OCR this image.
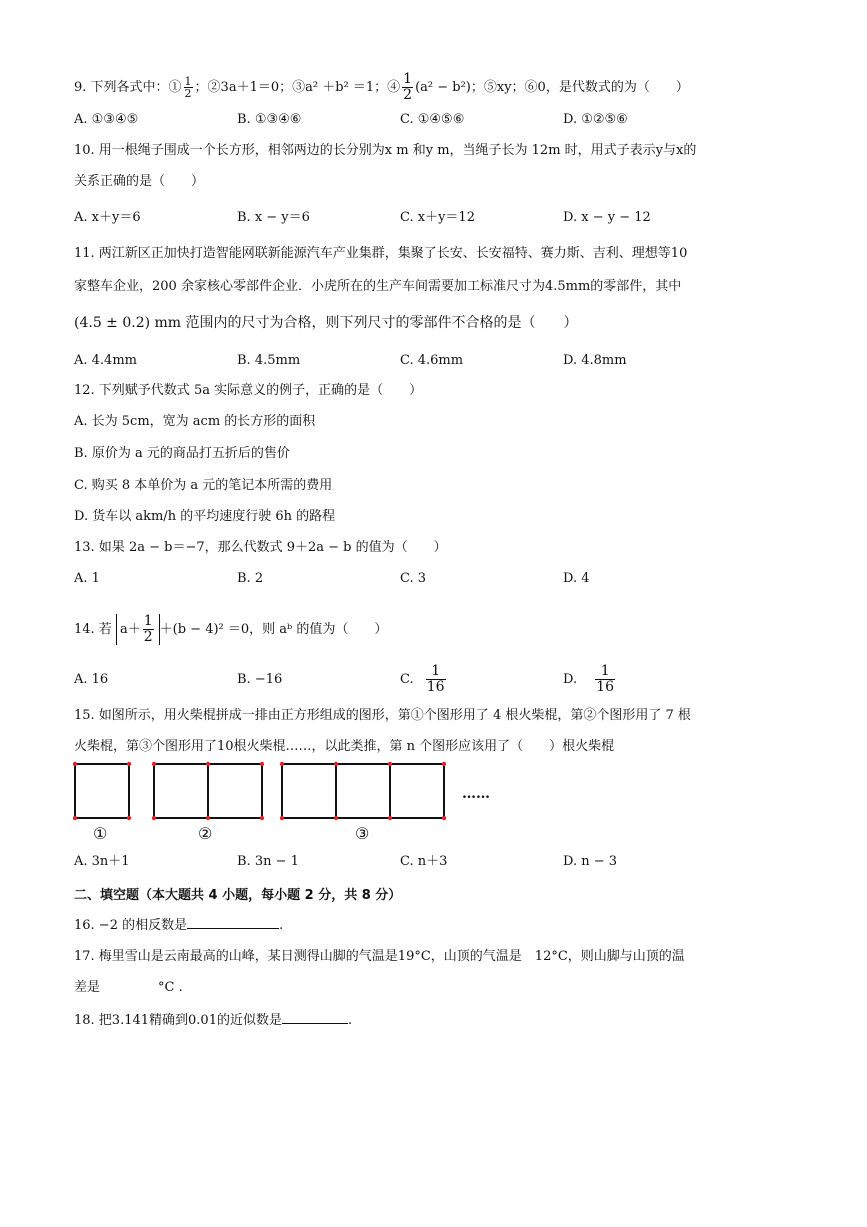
9. 下列各式中：① $\frac{1}{2}$ ；②3a＋1＝0；③a² ＋b² ＝1；④ $\frac{1}{2} (a^2 - b^2)$；⑤xy；⑥0，是代数式的为（　　）
A. ①③④⑤	B. ①③④⑥	C. ①④⑤⑥	D. ①②⑤⑥
10. 用一根绳子围成一个长方形，相邻两边的长分别为x m 和y m，当绳子长为 12m 时，用式子表示y与x的
关系正确的是（　　）
A. x＋y＝6	B. x − y＝6	C. x＋y＝12	D. x − y − 12
11. 两江新区正加快打造智能网联新能源汽车产业集群，集聚了长安、长安福特、赛力斯、吉利、理想等10
家整车企业，200 余家核心零部件企业．小虎所在的生产车间需要加工标准尺寸为4.5mm的零部件，其中
(4.5 ± 0.2) mm 范围内的尺寸为合格，则下列尺寸的零部件不合格的是（　　）
A. 4.4mm	B. 4.5mm	C. 4.6mm	D. 4.8mm
12. 下列赋予代数式 5a 实际意义的例子，正确的是（　　）
A. 长为 5cm，宽为 acm 的长方形的面积
B. 原价为 a 元的商品打五折后的售价
C. 购买 8 本单价为 a 元的笔记本所需的费用
D. 货车以 akm/h 的平均速度行驶 6h 的路程
13. 如果 2a − b＝−7，那么代数式 9＋2a − b 的值为（　　）
A. 1	B. 2	C. 3	D. 4
14. 若 $a+ \frac{1}{2} +(b - 4)^2 =0$，则 aᵇ 的值为（　　）
A. 16	B. −16	C. $\frac{1}{16}$	D. $\frac{1}{16}$
15. 如图所示，用火柴棍拼成一排由正方形组成的图形，第①个图形用了 4 根火柴棍，第②个图形用了 7 根
火柴棍，第③个图形用了10根火柴棍……，以此类推，第 n 个图形应该用了（　　）根火柴棍
①	②	③
……
A. 3n＋1	B. 3n − 1	C. n＋3	D. n − 3
二、填空题（本大题共 4 小题，每小题 2 分，共 8 分）
16. −2 的相反数是	.
17. 梅里雪山是云南最高的山峰，某日测得山脚的气温是19°C，山顶的气温是　12°C，则山脚与山顶的温
差是	°C .
18. 把3.141精确到0.01的近似数是	.
